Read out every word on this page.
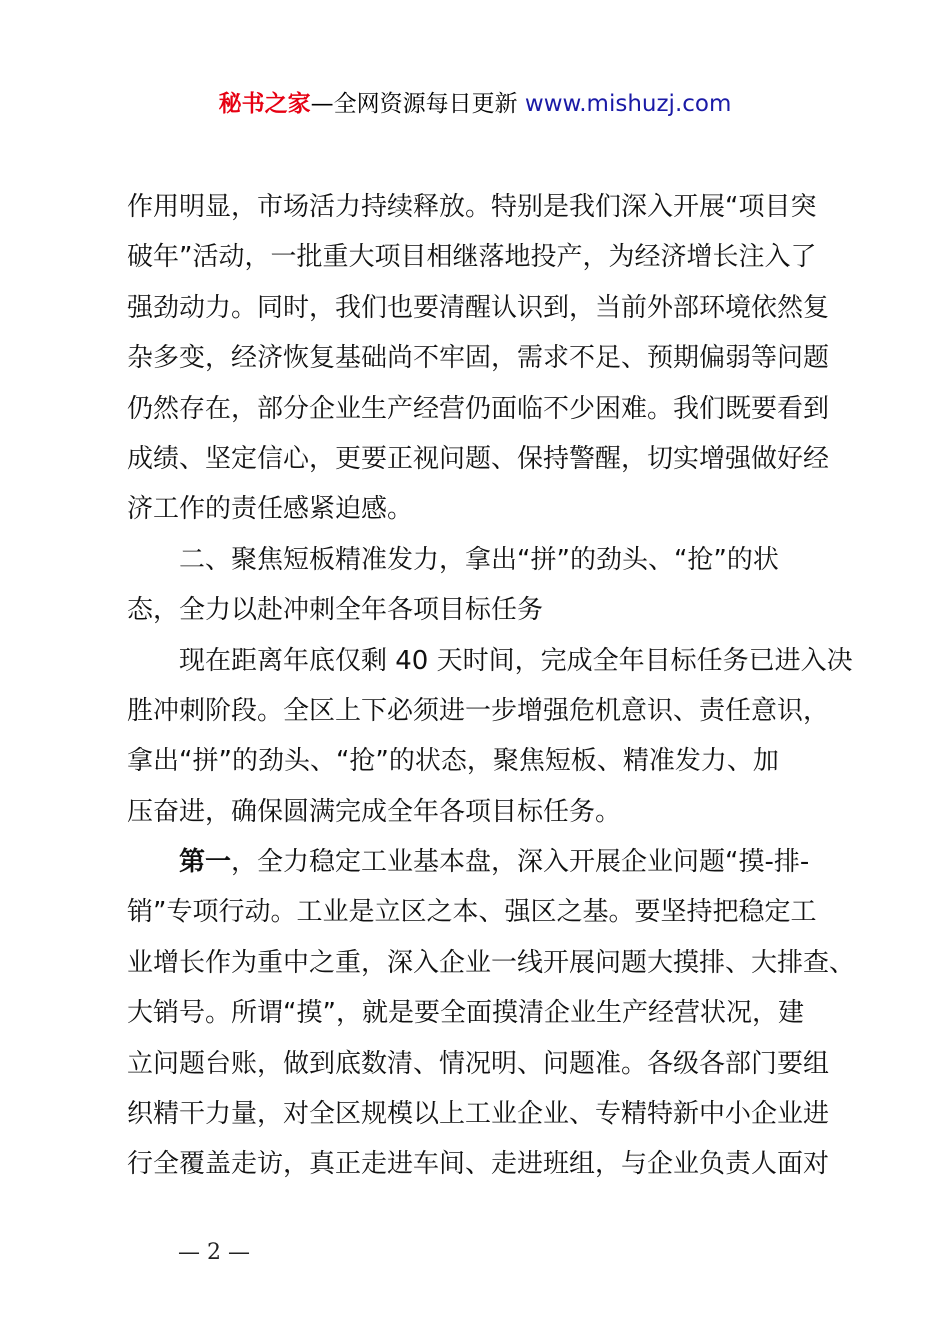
秘书之家—全网资源每日更新 www.mishuzj.com
作用明显，市场活力持续释放。特别是我们深入开展“项目突
破年”活动，一批重大项目相继落地投产，为经济增长注入了
强劲动力。同时，我们也要清醒认识到，当前外部环境依然复
杂多变，经济恢复基础尚不牢固，需求不足、预期偏弱等问题
仍然存在，部分企业生产经营仍面临不少困难。我们既要看到
成绩、坚定信心，更要正视问题、保持警醒，切实增强做好经
济工作的责任感紧迫感。
二、聚焦短板精准发力，拿出“拼”的劲头、“抢”的状
态，全力以赴冲刺全年各项目标任务
现在距离年底仅剩 40 天时间，完成全年目标任务已进入决
胜冲刺阶段。全区上下必须进一步增强危机意识、责任意识，
拿出“拼”的劲头、“抢”的状态，聚焦短板、精准发力、加
压奋进，确保圆满完成全年各项目标任务。
第一，全力稳定工业基本盘，深入开展企业问题“摸-排-
销”专项行动。工业是立区之本、强区之基。要坚持把稳定工
业增长作为重中之重，深入企业一线开展问题大摸排、大排查、
大销号。所谓“摸”，就是要全面摸清企业生产经营状况，建
立问题台账，做到底数清、情况明、问题准。各级各部门要组
织精干力量，对全区规模以上工业企业、专精特新中小企业进
行全覆盖走访，真正走进车间、走进班组，与企业负责人面对
— 2 —
